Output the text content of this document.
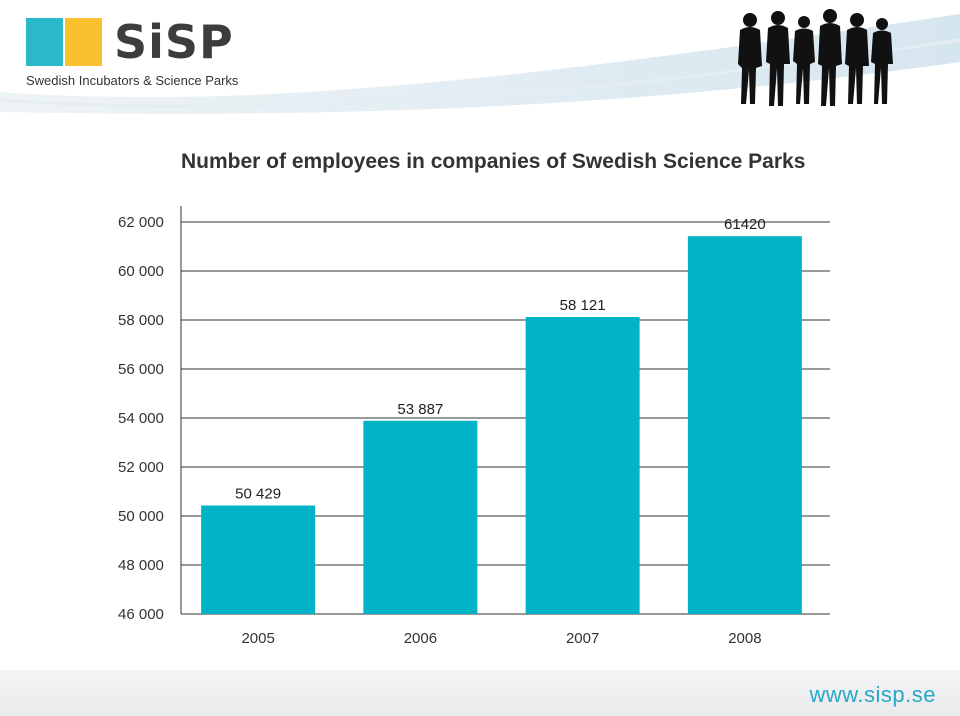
SiSP
Swedish Incubators & Science Parks
Number of employees in companies of Swedish Science Parks
46 000
48 000
50 000
52 000
54 000
56 000
58 000
60 000
62 000
50 429
2005
53 887
2006
58 121
2007
61420
2008
www.sisp.se
